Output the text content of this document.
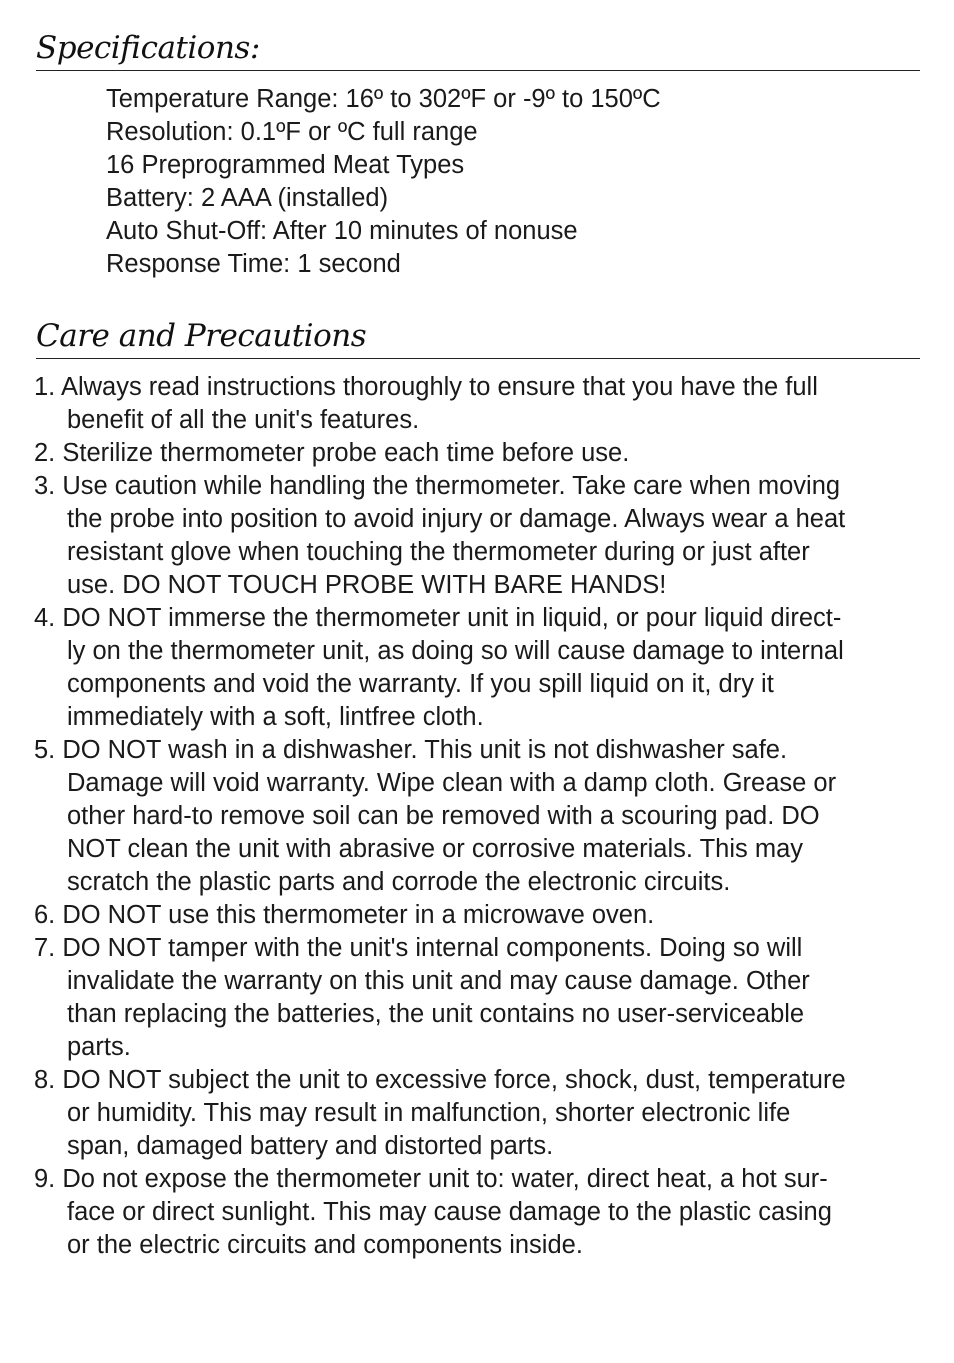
Specifications:
Temperature Range: 16º to 302ºF or -9º to 150ºC
Resolution: 0.1ºF or ºC full range
16 Preprogrammed Meat Types
Battery: 2 AAA (installed)
Auto Shut-Off: After 10 minutes of nonuse
Response Time: 1 second
Care and Precautions
1. Always read instructions thoroughly to ensure that you have the full
benefit of all the unit's features.
2. Sterilize thermometer probe each time before use.
3. Use caution while handling the thermometer. Take care when moving
the probe into position to avoid injury or damage. Always wear a heat
resistant glove when touching the thermometer during or just after
use. DO NOT TOUCH PROBE WITH BARE HANDS!
4. DO NOT immerse the thermometer unit in liquid, or pour liquid direct-
ly on the thermometer unit, as doing so will cause damage to internal
components and void the warranty. If you spill liquid on it, dry it
immediately with a soft, lintfree cloth.
5. DO NOT wash in a dishwasher. This unit is not dishwasher safe.
Damage will void warranty. Wipe clean with a damp cloth. Grease or
other hard-to remove soil can be removed with a scouring pad. DO
NOT clean the unit with abrasive or corrosive materials. This may
scratch the plastic parts and corrode the electronic circuits.
6. DO NOT use this thermometer in a microwave oven.
7. DO NOT tamper with the unit's internal components. Doing so will
invalidate the warranty on this unit and may cause damage. Other
than replacing the batteries, the unit contains no user-serviceable
parts.
8. DO NOT subject the unit to excessive force, shock, dust, temperature
or humidity. This may result in malfunction, shorter electronic life
span, damaged battery and distorted parts.
9. Do not expose the thermometer unit to: water, direct heat, a hot sur-
face or direct sunlight. This may cause damage to the plastic casing
or the electric circuits and components inside.
